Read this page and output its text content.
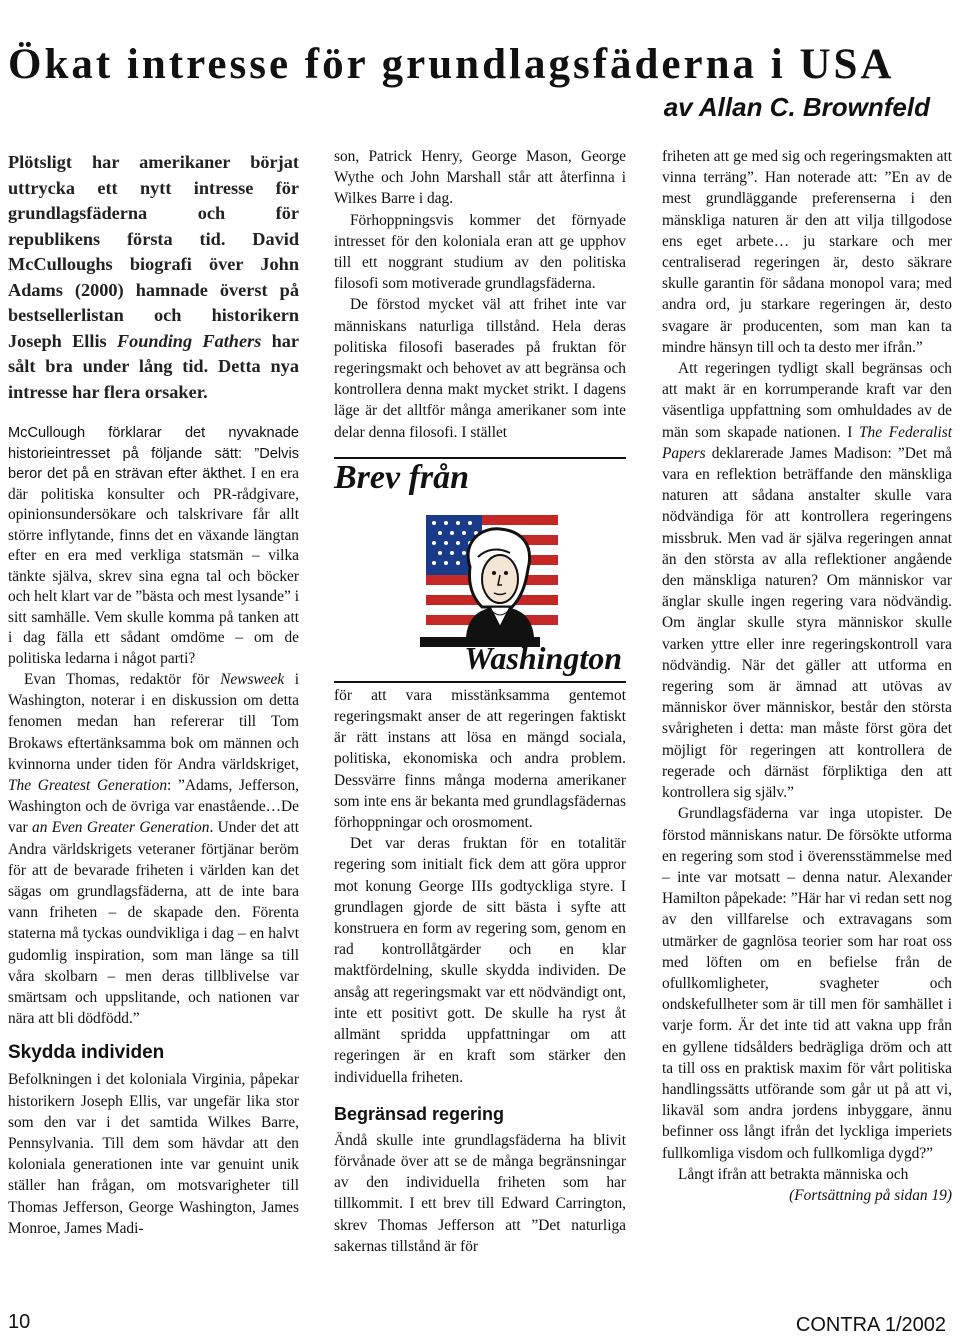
Ökat intresse för grundlagsfäderna i USA
av Allan C. Brownfeld
Plötsligt har amerikaner börjat uttrycka ett nytt intresse för grundlagsfäderna och för republikens första tid. David McCulloughs biografi över John Adams (2000) hamnade överst på bestsellerlistan och historikern Joseph Ellis Founding Fathers har sålt bra under lång tid. Detta nya intresse har flera orsaker.

McCullough förklarar det nyvaknade historieintresset på följande sätt: ”Delvis beror det på en strävan efter äkthet. I en era där politiska konsulter och PR-rådgivare, opinionsundersökare och talskrivare får allt större inflytande, finns det en växande längtan efter en era med verkliga statsmän – vilka tänkte själva, skrev sina egna tal och böcker och helt klart var de ”bästa och mest lysande” i sitt samhälle. Vem skulle komma på tanken att i dag fälla ett sådant omdöme – om de politiska ledarna i något parti?

Evan Thomas, redaktör för Newsweek i Washington, noterar i en diskussion om detta fenomen medan han refererar till Tom Brokaws eftertänksamma bok om männen och kvinnorna under tiden för Andra världskriget, The Greatest Generation: ”Adams, Jefferson, Washington och de övriga var enastående…De var an Even Greater Generation. Under det att Andra världskrigets veteraner förtjänar beröm för att de bevarade friheten i världen kan det sägas om grundlagsfäderna, att de inte bara vann friheten – de skapade den. Förenta staterna må tyckas oundvikliga i dag – en halvt gudomlig inspiration, som man länge sa till våra skolbarn – men deras tillblivelse var smärtsam och uppslitande, och nationen var nära att bli dödfödd.”

Skydda individen

Befolkningen i det koloniala Virginia, påpekar historikern Joseph Ellis, var ungefär lika stor som den var i det samtida Wilkes Barre, Pennsylvania. Till dem som hävdar att den koloniala generationen inte var genuint unik ställer han frågan, om motsvarigheter till Thomas Jefferson, George Washington, James Monroe, James Madi-

son, Patrick Henry, George Mason, George Wythe och John Marshall står att återfinna i Wilkes Barre i dag.

Förhoppningsvis kommer det förnyade intresset för den koloniala eran att ge upphov till ett noggrant studium av den politiska filosofi som motiverade grundlagsfäderna.

De förstod mycket väl att frihet inte var människans naturliga tillstånd. Hela deras politiska filosofi baserades på fruktan för regeringsmakt och behovet av att begränsa och kontrollera denna makt mycket strikt. I dagens läge är det alltför många amerikaner som inte delar denna filosofi. I stället

Brev från
Washington

för att vara misstänksamma gentemot regeringsmakt anser de att regeringen faktiskt är rätt instans att lösa en mängd sociala, politiska, ekonomiska och andra problem. Dessvärre finns många moderna amerikaner som inte ens är bekanta med grundlagsfädernas förhoppningar och orosmoment.

Det var deras fruktan för en totalitär regering som initialt fick dem att göra uppror mot konung George IIIs godtyckliga styre. I grundlagen gjorde de sitt bästa i syfte att konstruera en form av regering som, genom en rad kontrollåtgärder och en klar maktfördelning, skulle skydda individen. De ansåg att regeringsmakt var ett nödvändigt ont, inte ett positivt gott. De skulle ha ryst åt allmänt spridda uppfattningar om att regeringen är en kraft som stärker den individuella friheten.

Begränsad regering

Ändå skulle inte grundlagsfäderna ha blivit förvånade över att se de många begränsningar av den individuella friheten som har tillkommit. I ett brev till Edward Carrington, skrev Thomas Jefferson att ”Det naturliga sakernas tillstånd är för

friheten att ge med sig och regeringsmakten att vinna terräng”. Han noterade att: ”En av de mest grundläggande preferenserna i den mänskliga naturen är den att vilja tillgodose ens eget arbete… ju starkare och mer centraliserad regeringen är, desto säkrare skulle garantin för sådana monopol vara; med andra ord, ju starkare regeringen är, desto svagare är producenten, som man kan ta mindre hänsyn till och ta desto mer ifrån.”

Att regeringen tydligt skall begränsas och att makt är en korrumperande kraft var den väsentliga uppfattning som omhuldades av de män som skapade nationen. I The Federalist Papers deklarerade James Madison: ”Det må vara en reflektion beträffande den mänskliga naturen att sådana anstalter skulle vara nödvändiga för att kontrollera regeringens missbruk. Men vad är själva regeringen annat än den största av alla reflektioner angående den mänskliga naturen? Om människor var änglar skulle ingen regering vara nödvändig. Om änglar skulle styra människor skulle varken yttre eller inre regeringskontroll vara nödvändig. När det gäller att utforma en regering som är ämnad att utövas av människor över människor, består den största svårigheten i detta: man måste först göra det möjligt för regeringen att kontrollera de regerade och därnäst förpliktiga den att kontrollera sig själv.”

Grundlagsfäderna var inga utopister. De förstod människans natur. De försökte utforma en regering som stod i överensstämmelse med – inte var motsatt – denna natur. Alexander Hamilton påpekade: ”Här har vi redan sett nog av den villfarelse och extravagans som utmärker de gagnlösa teorier som har roat oss med löften om en befielse från de ofullkomligheter, svagheter och ondskefullheter som är till men för samhället i varje form. Är det inte tid att vakna upp från en gyllene tidsålders bedrägliga dröm och att ta till oss en praktisk maxim för vårt politiska handlingssätts utförande som går ut på att vi, likaväl som andra jordens inbyggare, ännu befinner oss långt ifrån det lyckliga imperiets fullkomliga visdom och fullkomliga dygd?”

Långt ifrån att betrakta människa och

(Fortsättning på sidan 19)

10	CONTRA 1/2002
